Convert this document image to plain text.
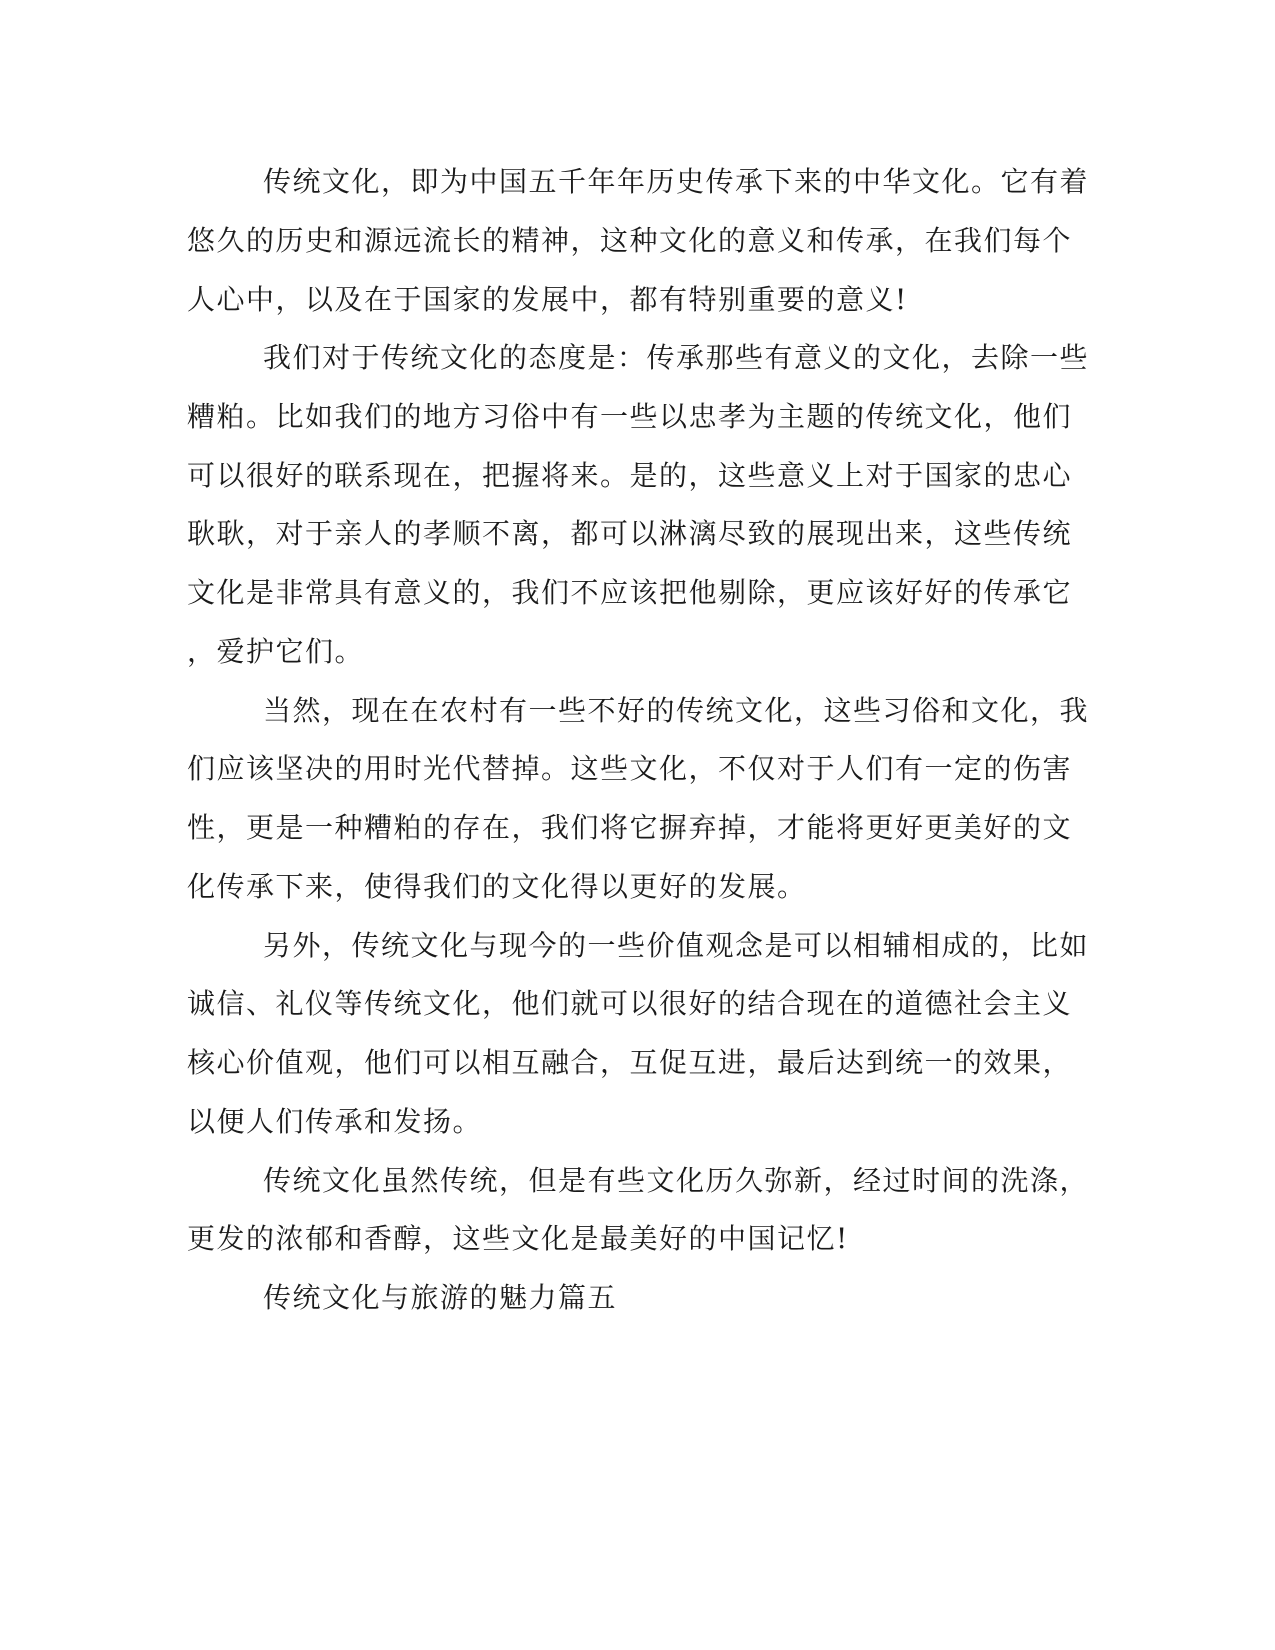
传统文化，即为中国五千年年历史传承下来的中华文化。它有着

悠久的历史和源远流长的精神，这种文化的意义和传承，在我们每个

人心中，以及在于国家的发展中，都有特别重要的意义!

我们对于传统文化的态度是：传承那些有意义的文化，去除一些

糟粕。比如我们的地方习俗中有一些以忠孝为主题的传统文化，他们

可以很好的联系现在，把握将来。是的，这些意义上对于国家的忠心

耿耿，对于亲人的孝顺不离，都可以淋漓尽致的展现出来，这些传统

文化是非常具有意义的，我们不应该把他剔除，更应该好好的传承它

，爱护它们。

当然，现在在农村有一些不好的传统文化，这些习俗和文化，我

们应该坚决的用时光代替掉。这些文化，不仅对于人们有一定的伤害

性，更是一种糟粕的存在，我们将它摒弃掉，才能将更好更美好的文

化传承下来，使得我们的文化得以更好的发展。

另外，传统文化与现今的一些价值观念是可以相辅相成的，比如

诚信、礼仪等传统文化，他们就可以很好的结合现在的道德社会主义

核心价值观，他们可以相互融合，互促互进，最后达到统一的效果，

以便人们传承和发扬。

传统文化虽然传统，但是有些文化历久弥新，经过时间的洗涤，

更发的浓郁和香醇，这些文化是最美好的中国记忆!

传统文化与旅游的魅力篇五
